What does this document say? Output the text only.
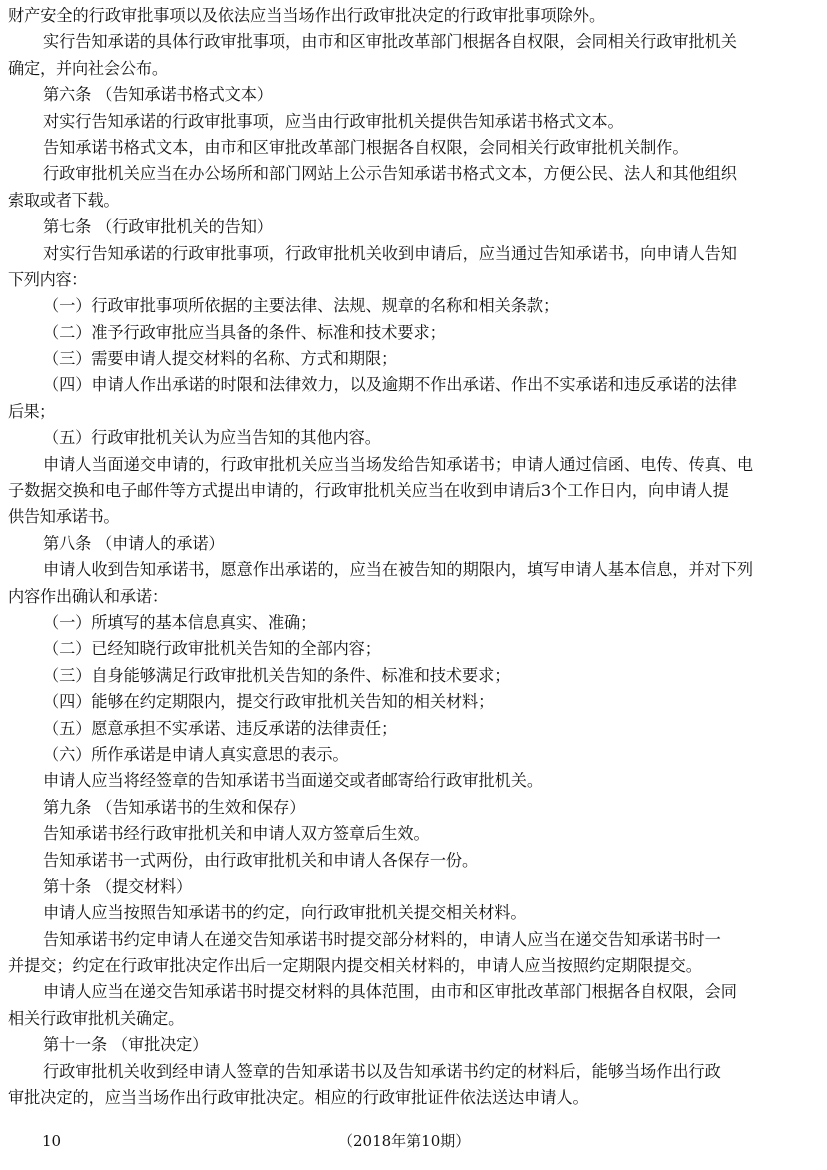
财产安全的行政审批事项以及依法应当当场作出行政审批决定的行政审批事项除外。
实行告知承诺的具体行政审批事项，由市和区审批改革部门根据各自权限，会同相关行政审批机关
确定，并向社会公布。
第六条 （告知承诺书格式文本）
对实行告知承诺的行政审批事项，应当由行政审批机关提供告知承诺书格式文本。
告知承诺书格式文本，由市和区审批改革部门根据各自权限，会同相关行政审批机关制作。
行政审批机关应当在办公场所和部门网站上公示告知承诺书格式文本，方便公民、法人和其他组织
索取或者下载。
第七条 （行政审批机关的告知）
对实行告知承诺的行政审批事项，行政审批机关收到申请后，应当通过告知承诺书，向申请人告知
下列内容：
（一）行政审批事项所依据的主要法律、法规、规章的名称和相关条款；
（二）准予行政审批应当具备的条件、标准和技术要求；
（三）需要申请人提交材料的名称、方式和期限；
（四）申请人作出承诺的时限和法律效力，以及逾期不作出承诺、作出不实承诺和违反承诺的法律
后果；
（五）行政审批机关认为应当告知的其他内容。
申请人当面递交申请的，行政审批机关应当当场发给告知承诺书；申请人通过信函、电传、传真、电
子数据交换和电子邮件等方式提出申请的，行政审批机关应当在收到申请后3个工作日内，向申请人提
供告知承诺书。
第八条 （申请人的承诺）
申请人收到告知承诺书，愿意作出承诺的，应当在被告知的期限内，填写申请人基本信息，并对下列
内容作出确认和承诺：
（一）所填写的基本信息真实、准确；
（二）已经知晓行政审批机关告知的全部内容；
（三）自身能够满足行政审批机关告知的条件、标准和技术要求；
（四）能够在约定期限内，提交行政审批机关告知的相关材料；
（五）愿意承担不实承诺、违反承诺的法律责任；
（六）所作承诺是申请人真实意思的表示。
申请人应当将经签章的告知承诺书当面递交或者邮寄给行政审批机关。
第九条 （告知承诺书的生效和保存）
告知承诺书经行政审批机关和申请人双方签章后生效。
告知承诺书一式两份，由行政审批机关和申请人各保存一份。
第十条 （提交材料）
申请人应当按照告知承诺书的约定，向行政审批机关提交相关材料。
告知承诺书约定申请人在递交告知承诺书时提交部分材料的，申请人应当在递交告知承诺书时一
并提交；约定在行政审批决定作出后一定期限内提交相关材料的，申请人应当按照约定期限提交。
申请人应当在递交告知承诺书时提交材料的具体范围，由市和区审批改革部门根据各自权限，会同
相关行政审批机关确定。
第十一条 （审批决定）
行政审批机关收到经申请人签章的告知承诺书以及告知承诺书约定的材料后，能够当场作出行政
审批决定的，应当当场作出行政审批决定。相应的行政审批证件依法送达申请人。
10	（2018年第10期）
